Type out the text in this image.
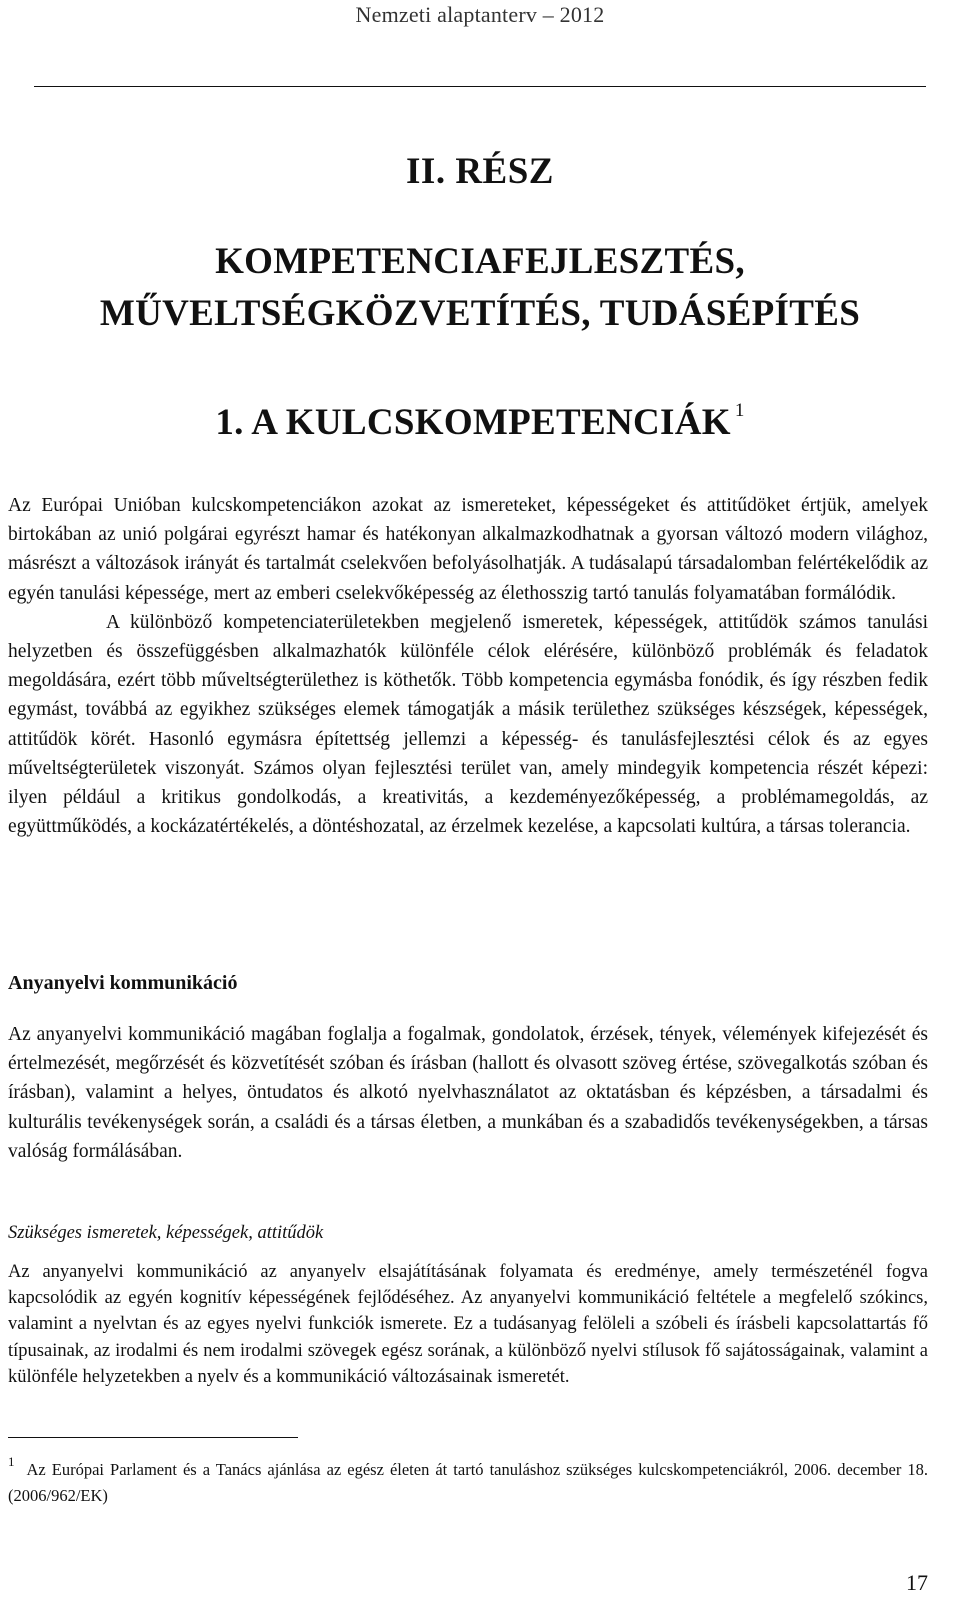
Nemzeti alaptanterv – 2012
II. RÉSZ
KOMPETENCIAFEJLESZTÉS,
MŰVELTSÉGKÖZVETÍTÉS, TUDÁSÉPÍTÉS
1. A KULCSKOMPETENCIÁK $^1$

Az Európai Unióban kulcskompetenciákon azokat az ismereteket, képességeket és attitűdöket értjük, amelyek birtokában az unió polgárai egyrészt hamar és hatékonyan alkalmazkodhatnak a gyorsan változó modern világhoz, másrészt a változások irányát és tartalmát cselekvően befolyásolhatják. A tudásalapú társadalomban felértékelődik az egyén tanulási képessége, mert az emberi cselekvőképesség az élethosszig tartó tanulás folyamatában formálódik.

A különböző kompetenciaterületekben megjelenő ismeretek, képességek, attitűdök számos tanulási helyzetben és összefüggésben alkalmazhatók különféle célok elérésére, különböző problémák és feladatok megoldására, ezért több műveltségterülethez is köthetők. Több kompetencia egymásba fonódik, és így részben fedik egymást, továbbá az egyikhez szükséges elemek támogatják a másik területhez szükséges készségek, képességek, attitűdök körét. Hasonló egymásra építettség jellemzi a képesség- és tanulásfejlesztési célok és az egyes műveltségterületek viszonyát. Számos olyan fejlesztési terület van, amely mindegyik kompetencia részét képezi: ilyen például a kritikus gondolkodás, a kreativitás, a kezdeményezőképesség, a problémamegoldás, az együttműködés, a kockázatértékelés, a döntéshozatal, az érzelmek kezelése, a kapcsolati kultúra, a társas tolerancia.

Anyanyelvi kommunikáció

Az anyanyelvi kommunikáció magában foglalja a fogalmak, gondolatok, érzések, tények, vélemények kifejezését és értelmezését, megőrzését és közvetítését szóban és írásban (hallott és olvasott szöveg értése, szövegalkotás szóban és írásban), valamint a helyes, öntudatos és alkotó nyelvhasználatot az oktatásban és képzésben, a társadalmi és kulturális tevékenységek során, a családi és a társas életben, a munkában és a szabadidős tevékenységekben, a társas valóság formálásában.

Szükséges ismeretek, képességek, attitűdök

Az anyanyelvi kommunikáció az anyanyelv elsajátításának folyamata és eredménye, amely természeténél fogva kapcsolódik az egyén kognitív képességének fejlődéséhez. Az anyanyelvi kommunikáció feltétele a megfelelő szókincs, valamint a nyelvtan és az egyes nyelvi funkciók ismerete. Ez a tudásanyag felöleli a szóbeli és írásbeli kapcsolattartás fő típusainak, az irodalmi és nem irodalmi szövegek egész sorának, a különböző nyelvi stílusok fő sajátosságainak, valamint a különféle helyzetekben a nyelv és a kommunikáció változásainak ismeretét.

$^1$ Az Európai Parlament és a Tanács ajánlása az egész életen át tartó tanuláshoz szükséges kulcskompetenciákról, 2006. december 18. (2006/962/EK)
17
